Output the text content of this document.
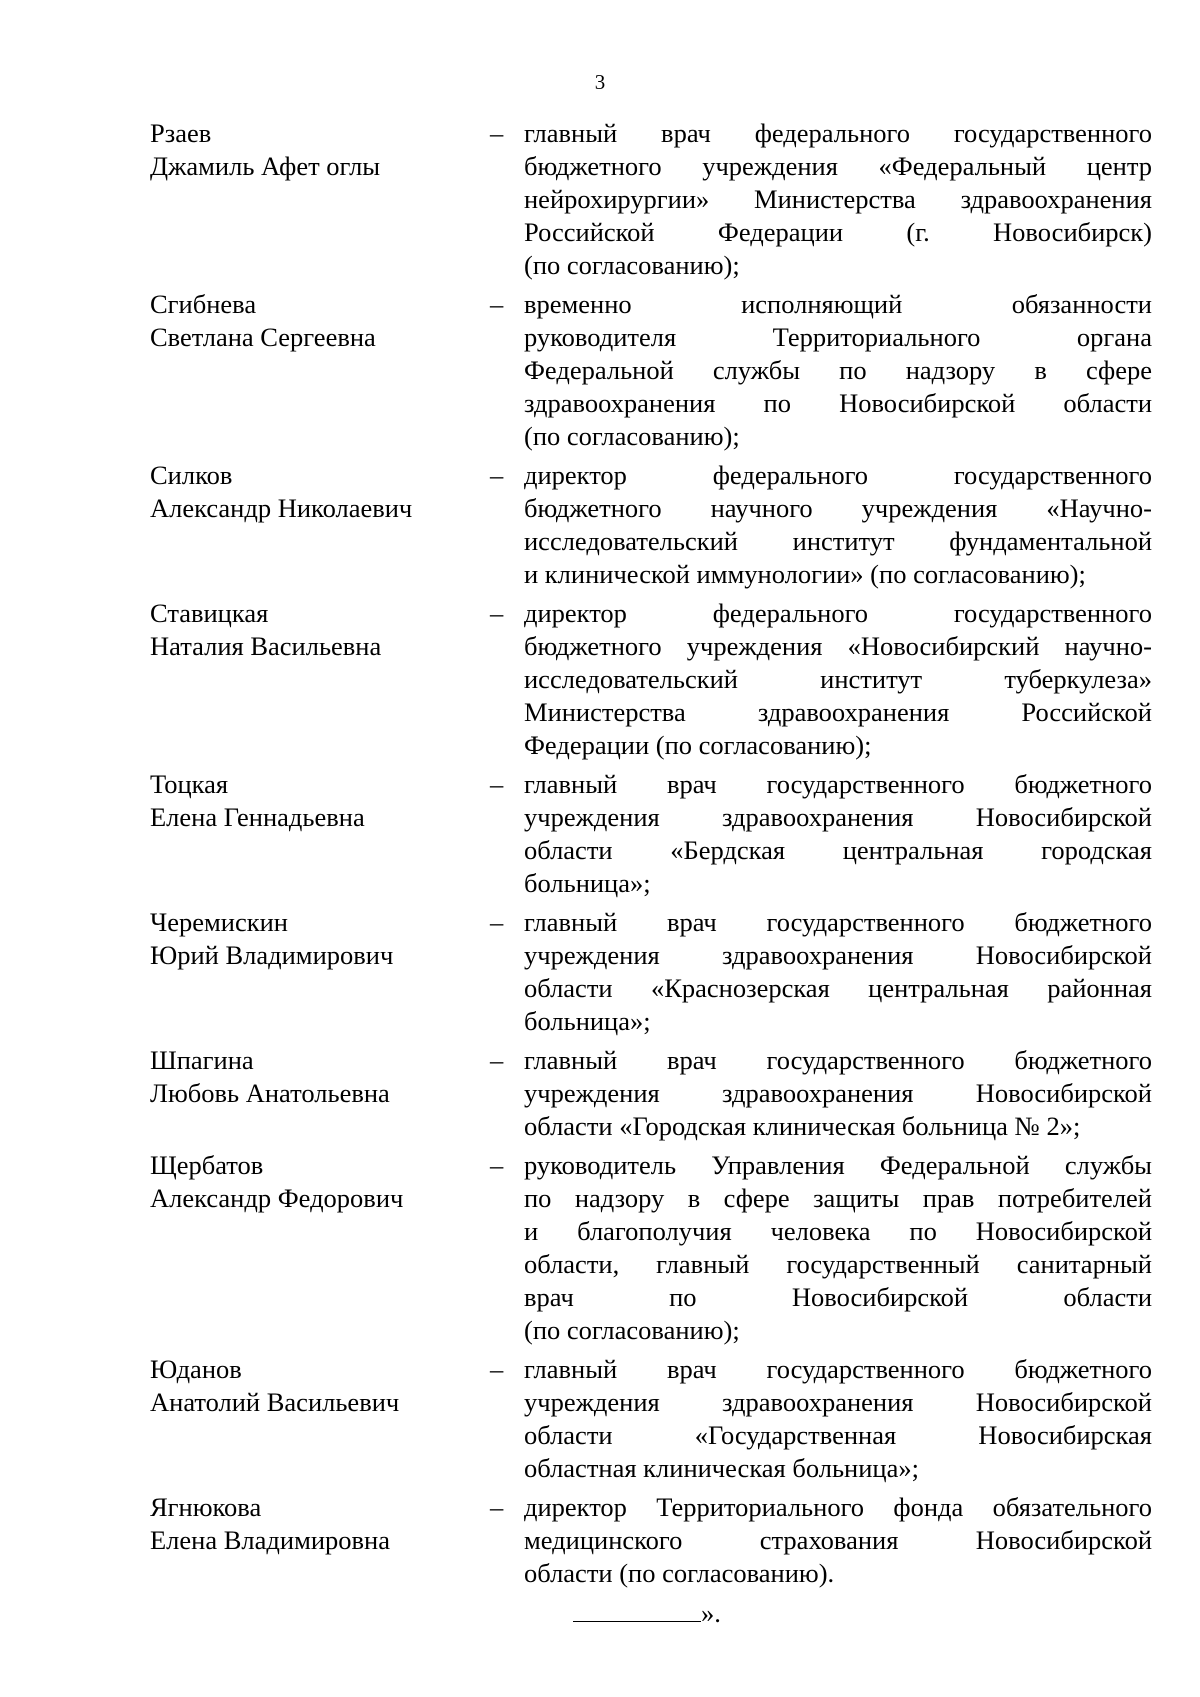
3
Рзаев
Джамиль Афет оглы
– главный врач федерального государственного
бюджетного учреждения «Федеральный центр
нейрохирургии» Министерства здравоохранения
Российской Федерации (г. Новосибирск)
(по согласованию);
Сгибнева
Светлана Сергеевна
– временно исполняющий обязанности
руководителя Территориального органа
Федеральной службы по надзору в сфере
здравоохранения по Новосибирской области
(по согласованию);
Силков
Александр Николаевич
– директор федерального государственного
бюджетного научного учреждения «Научно-
исследовательский институт фундаментальной
и клинической иммунологии» (по согласованию);
Ставицкая
Наталия Васильевна
– директор федерального государственного
бюджетного учреждения «Новосибирский научно-
исследовательский институт туберкулеза»
Министерства здравоохранения Российской
Федерации (по согласованию);
Тоцкая
Елена Геннадьевна
– главный врач государственного бюджетного
учреждения здравоохранения Новосибирской
области «Бердская центральная городская
больница»;
Черемискин
Юрий Владимирович
– главный врач государственного бюджетного
учреждения здравоохранения Новосибирской
области «Краснозерская центральная районная
больница»;
Шпагина
Любовь Анатольевна
– главный врач государственного бюджетного
учреждения здравоохранения Новосибирской
области «Городская клиническая больница № 2»;
Щербатов
Александр Федорович
– руководитель Управления Федеральной службы
по надзору в сфере защиты прав потребителей
и благополучия человека по Новосибирской
области, главный государственный санитарный
врач по Новосибирской области
(по согласованию);
Юданов
Анатолий Васильевич
– главный врач государственного бюджетного
учреждения здравоохранения Новосибирской
области «Государственная Новосибирская
областная клиническая больница»;
Ягнюкова
Елена Владимировна
– директор Территориального фонда обязательного
медицинского страхования Новосибирской
области (по согласованию).
».
